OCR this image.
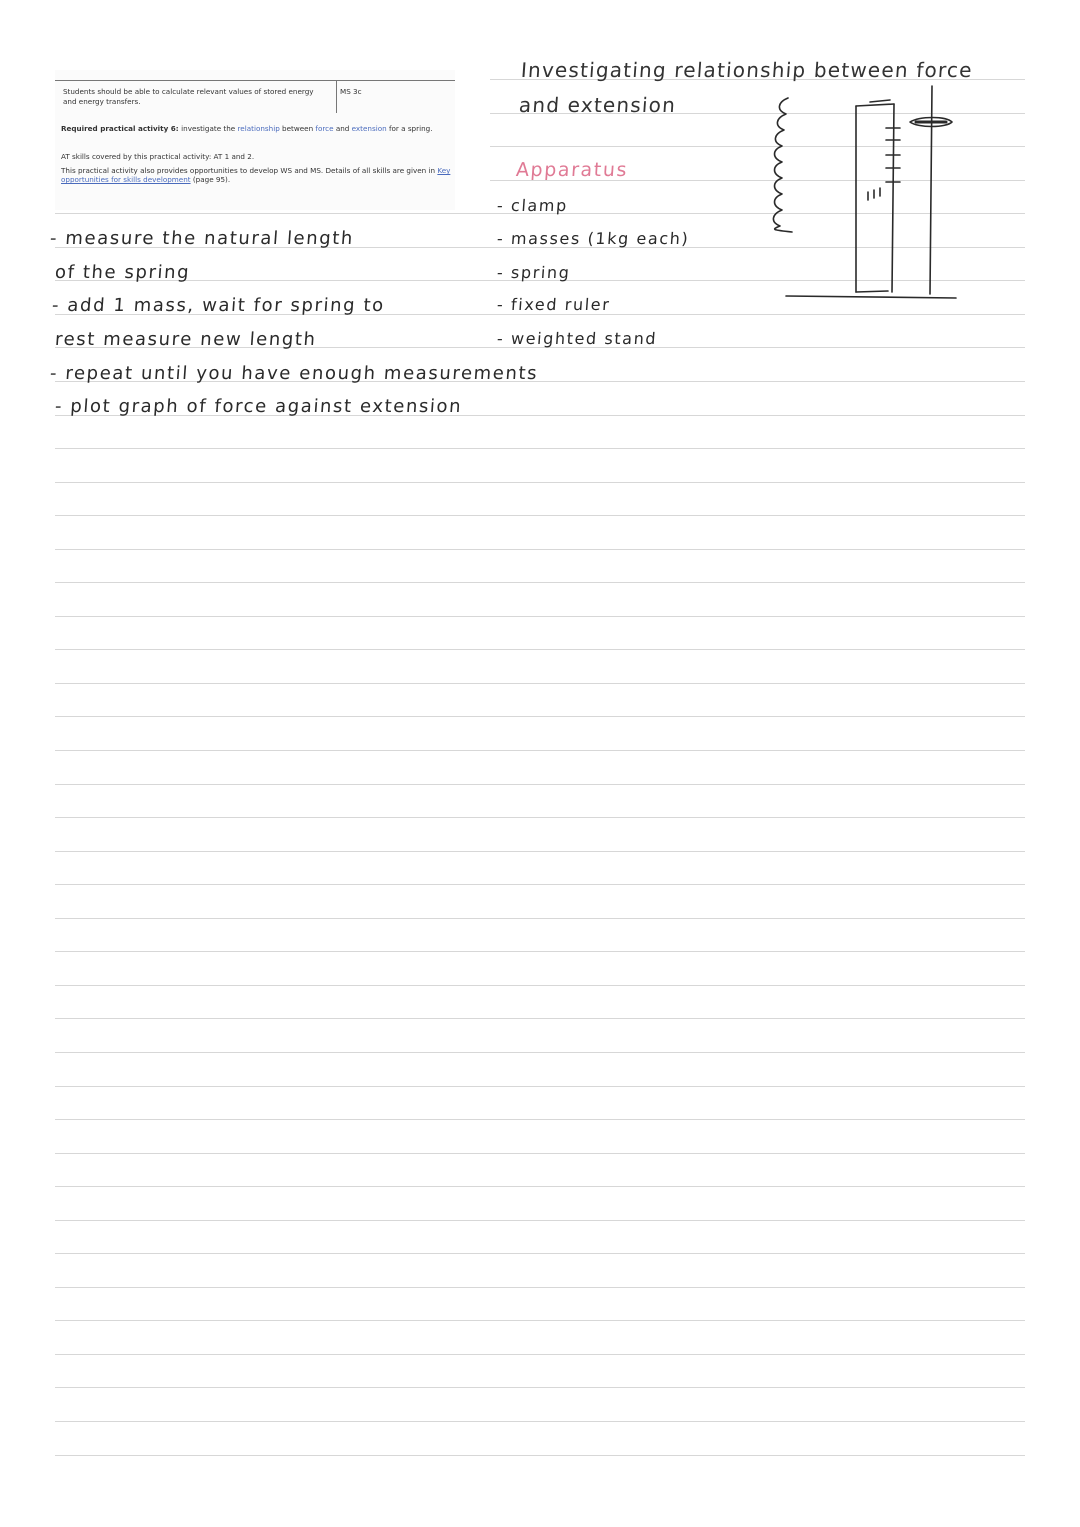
Students should be able to calculate relevant values of stored energy and energy transfers.
MS 3c
Required practical activity 6: investigate the relationship between force and extension for a spring.
AT skills covered by this practical activity: AT 1 and 2.
This practical activity also provides opportunities to develop WS and MS. Details of all skills are given in Key opportunities for skills development (page 95).
Investigating relationship between force
and extension
Apparatus
- clamp
- masses (1kg each)
- spring
- fixed ruler
- weighted stand
- measure the natural length
of the spring
- add 1 mass, wait for spring to
rest measure new length
- repeat until you have enough measurements
- plot graph of force against extension
